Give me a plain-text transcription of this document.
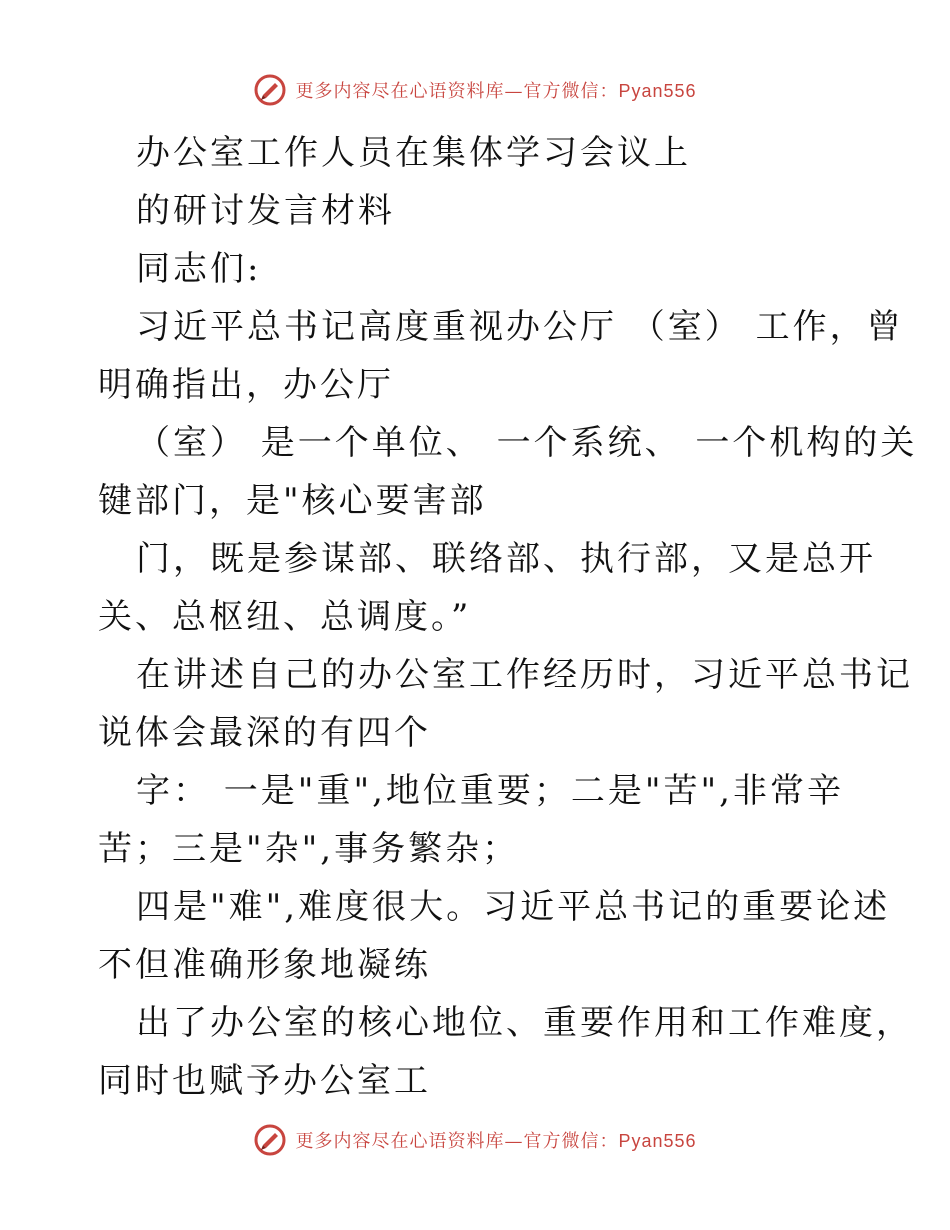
更多内容尽在心语资料库—官方微信：Pyan556
办公室工作人员在集体学习会议上
的研讨发言材料
同志们:
习近平总书记高度重视办公厅 （室） 工作，曾
明确指出，办公厅
（室） 是一个单位、 一个系统、 一个机构的关
键部门，是"核心要害部
门，既是参谋部、联络部、执行部，又是总开
关、总枢纽、总调度。”
在讲述自己的办公室工作经历时，习近平总书记
说体会最深的有四个
字： 一是"重",地位重要；二是"苦",非常辛
苦；三是"杂",事务繁杂；
四是"难",难度很大。习近平总书记的重要论述
不但准确形象地凝练
出了办公室的核心地位、重要作用和工作难度，
同时也赋予办公室工
更多内容尽在心语资料库—官方微信：Pyan556
